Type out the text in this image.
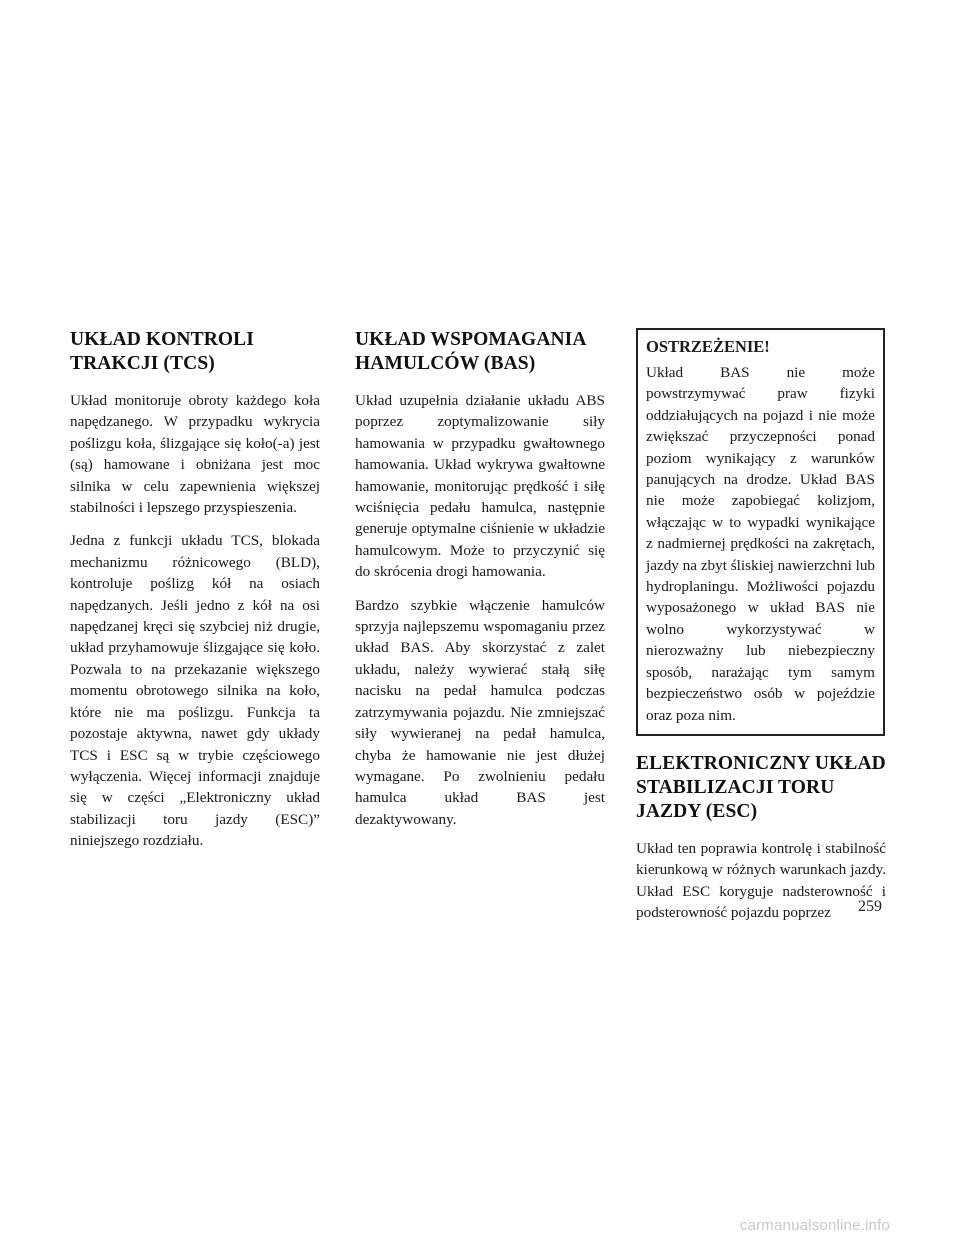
UKŁAD KONTROLI
TRAKCJI (TCS)

Układ monitoruje obroty każdego koła napędzanego. W przypadku wykrycia poślizgu koła, ślizgające się koło(-a) jest (są) hamowane i obniżana jest moc silnika w celu zapewnienia większej stabilności i lepszego przyspieszenia.

Jedna z funkcji układu TCS, blokada mechanizmu różnicowego (BLD), kontroluje poślizg kół na osiach napędzanych. Jeśli jedno z kół na osi napędzanej kręci się szybciej niż drugie, układ przyhamowuje ślizgające się koło. Pozwala to na przekazanie większego momentu obrotowego silnika na koło, które nie ma poślizgu. Funkcja ta pozostaje aktywna, nawet gdy układy TCS i ESC są w trybie częściowego wyłączenia. Więcej informacji znajduje się w części „Elektroniczny układ stabilizacji toru jazdy (ESC)” niniejszego rozdziału.

UKŁAD WSPOMAGANIA
HAMULCÓW (BAS)

Układ uzupełnia działanie układu ABS poprzez zoptymalizowanie siły hamowania w przypadku gwałtownego hamowania. Układ wykrywa gwałtowne hamowanie, monitorując prędkość i siłę wciśnięcia pedału hamulca, następnie generuje optymalne ciśnienie w układzie hamulcowym. Może to przyczynić się do skrócenia drogi hamowania.

Bardzo szybkie włączenie hamulców sprzyja najlepszemu wspomaganiu przez układ BAS. Aby skorzystać z zalet układu, należy wywierać stałą siłę nacisku na pedał hamulca podczas zatrzymywania pojazdu. Nie zmniejszać siły wywieranej na pedał hamulca, chyba że hamowanie nie jest dłużej wymagane. Po zwolnieniu pedału hamulca układ BAS jest dezaktywowany.

OSTRZEŻENIE!

Układ BAS nie może powstrzymywać praw fizyki oddziałujących na pojazd i nie może zwiększać przyczepności ponad poziom wynikający z warunków panujących na drodze. Układ BAS nie może zapobiegać kolizjom, włączając w to wypadki wynikające z nadmiernej prędkości na zakrętach, jazdy na zbyt śliskiej nawierzchni lub hydroplaningu. Możliwości pojazdu wyposażonego w układ BAS nie wolno wykorzystywać w nierozważny lub niebezpieczny sposób, narażając tym samym bezpieczeństwo osób w pojeździe oraz poza nim.

ELEKTRONICZNY UKŁAD
STABILIZACJI TORU
JAZDY (ESC)

Układ ten poprawia kontrolę i stabilność kierunkową w różnych warunkach jazdy. Układ ESC koryguje nadsterowność i podsterowność pojazdu poprzez	259
carmanualsonline.info
